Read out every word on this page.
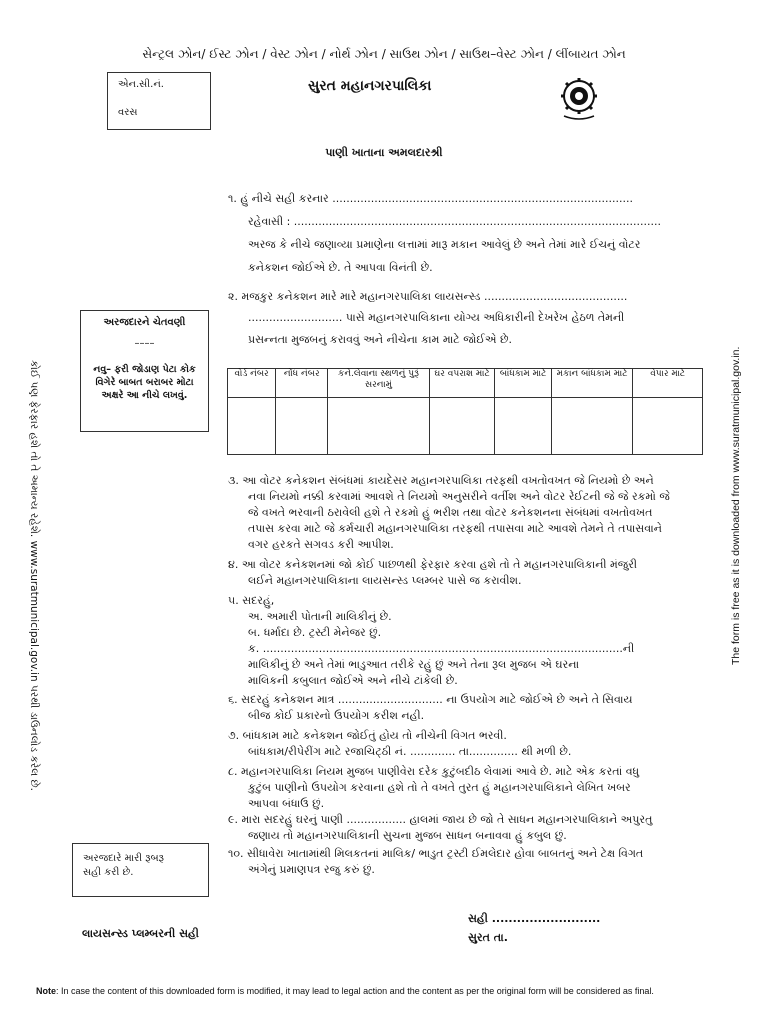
સેન્ટ્રલ ઝોન/ ઈસ્ટ ઝોન / વેસ્ટ ઝોન / નોર્થ ઝોન / સાઉથ ઝોન / સાઉથ–વેસ્ટ ઝોન / લીંબાયત ઝોન
એન.સી.નં.
વરસ
સુરત મહાનગરપાલિકા
પાણી ખાતાના અમલદારશ્રી
કોઈ પણ ફેરફાર હશે તો તે અમાન્ય રહેશે. www.suratmunicipal.gov.in પરથી ડાઉનલોડ કરેલ છે.	The form is free as it is downloaded from www.suratmunicipal.gov.in.
અરજદારને ચેતવણી
––––
નવુ– ફરી જોડાણ પેટા કોક વિગેરે બાબત બરાબર મોટા અક્ષરે આ નીચે લખવું.
૧. હું નીચે સહી કરનાર ......................................................................................
રહેવાસી : .........................................................................................................
અરજ કે નીચે જણાવ્યા પ્રમાણેના લત્તામાં મારૂ મકાન આવેલું છે અને તેમાં મારે ઈચનું વોટર
કનેકશન જોઈએ છે. તે આપવા વિનંતી છે.
૨. મજકુર કનેકશન મારે મારે મહાનગરપાલિકા લાયસન્સ્ડ .........................................
........................... પાસે મહાનગરપાલિકાના યોગ્ય અધિકારીની દેખરેખ હેઠળ તેમની
પ્રસન્નતા મુજબનું કરાવવું અને નીચેના કામ માટે જોઈએ છે.
વોર્ડ નંબર	નોંધ નંબર	કને.લેવાના સ્થળનું પુરૂં સરનામું	ઘર વપરાશ માટે	બાંધકામ માટે	મકાન બાંધકામ માટે	વેપાર માટે

૩. આ વોટર કનેકશન સંબંધમાં કાયદેસર મહાનગરપાલિકા તરફથી વખતોવખત જે નિયમો છે અને
નવા નિયમો નક્કી કરવામાં આવશે તે નિયમો અનુસરીને વર્તીશ અને વોટર રેઈટની જે જે રકમો જે
જે વખતે ભરવાની ઠરાવેલી હશે તે રકમો હું ભરીશ તથા વોટર કનેકશનના સંબંધમાં વખતોવખત
તપાસ કરવા માટે જે કર્મચારી મહાનગરપાલિકા તરફથી તપાસવા માટે આવશે તેમને તે તપાસવાને
વગર હરકતે સગવડ કરી આપીશ.
૪. આ વોટર કનેકશનમાં જો કોઈ પાછળથી ફેરફાર કરવા હશે તો તે મહાનગરપાલિકાની મંજુરી
લઈને મહાનગરપાલિકાના લાયસન્સ્ડ પ્લમ્બર પાસે જ કરાવીશ.
૫. સદરહું,
અ. અમારી પોતાની માલિકીનું છે.
બ. ધર્માદા છે. ટ્રસ્ટી મેનેજર છું.
ક. .......................................................................................................ની
માલિકીનું છે અને તેમાં ભાડુઆત તરીકે રહું છું અને તેના રૂલ મુજબ એ ઘરના
માલિકની કબુલાત જોઈએ અને નીચે ટાંકેલી છે.
૬. સદરહું કનેકશન માત્ર .............................. ના ઉપયોગ માટે જોઈએ છે અને તે સિવાય
બીજ કોઈ પ્રકારનો ઉપયોગ કરીશ નહી.
૭. બાંધકામ માટે કનેકશન જોઈતું હોય તો નીચેની વિગત ભરવી.
બાંધકામ/રીપેરીંગ માટે રજાચિટ્ઠી નં. ............. તા.............. થી મળી છે.
૮. મહાનગરપાલિકા નિયમ મુજબ પાણીવેરા દરેક કુટુંબદીઠ લેવામાં આવે છે. માટે એક કરતાં વધુ
કુટુંબ પાણીનો ઉપયોગ કરવાના હશે તો તે વખતે તુરત હું મહાનગરપાલિકાને લેખિત ખબર
આપવા બંધાઉ છું.
૯. મારા સદરહું ઘરનું પાણી ................. હાલમાં જાય છે જો તે સાધન મહાનગરપાલિકાને અપુરતુ
જણાય તો મહાનગરપાલિકાની સુચના મુજબ સાધન બનાવવા હું કબુલ છું.
૧૦. સીધાવેરા ખાતામાંથી મિલકતનાં માલિક/ ભાડુત ટ્રસ્ટી ઈમલેદાર હોવા બાબતનું અને ટેક્ષ વિગત
અંગેનું પ્રમાણપત્ર રજુ કરું છું.
અરજદારે મારી રૂબરૂ
સહી કરી છે.
સહી ..........................
લાયસન્સ્ડ પ્લમ્બરની સહી	સુરત તા.
Note: In case the content of this downloaded form is modified, it may lead to legal action and the content as per the original form will be considered as final.
